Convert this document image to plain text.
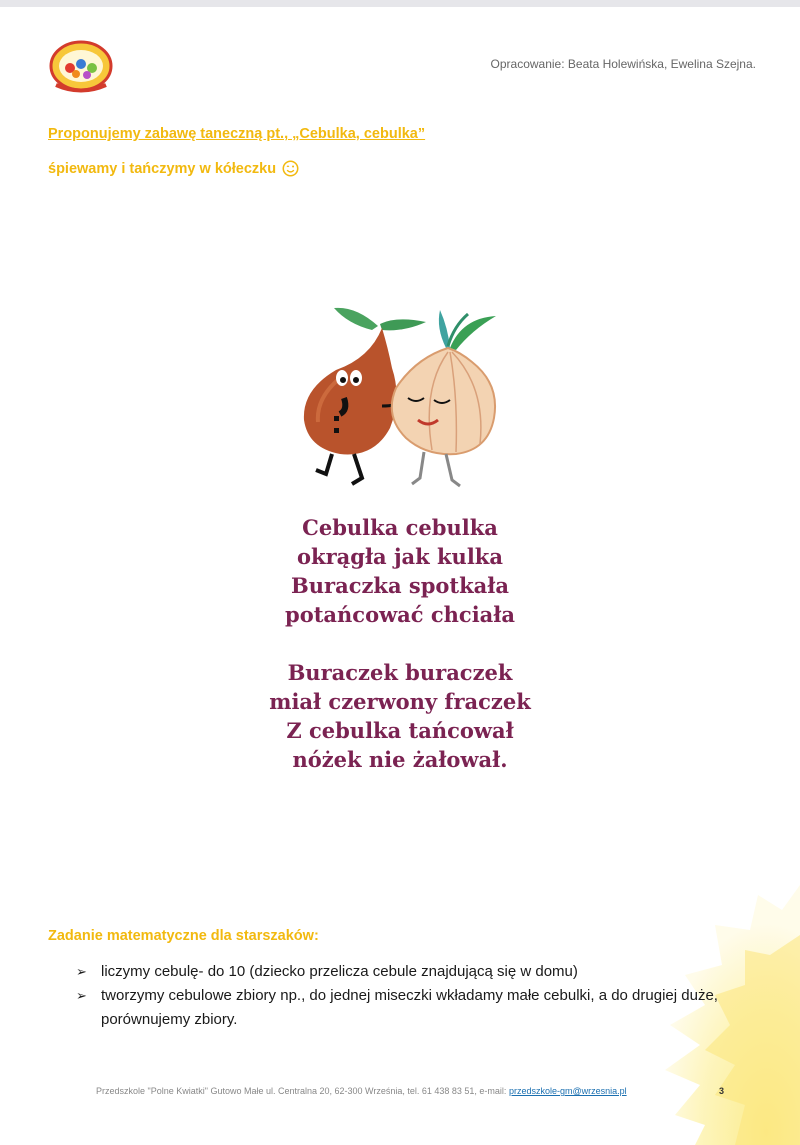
Opracowanie: Beata Holewińska, Ewelina Szejna.
Proponujemy zabawę taneczną pt., „Cebulka, cebulka”
śpiewamy i tańczymy w kółeczku
Cebulka cebulka
okrągła jak kulka
Buraczka spotkała
potańcować chciała
Buraczek buraczek
miał czerwony fraczek
Z cebulka tańcował
nóżek nie żałował.
Zadanie matematyczne dla starszaków:
➢ liczymy cebulę- do 10 (dziecko przelicza cebule znajdującą się w domu)
➢ tworzymy cebulowe zbiory np., do jednej miseczki wkładamy małe cebulki, a do drugiej duże, porównujemy zbiory.
Przedszkole "Polne Kwiatki" Gutowo Małe ul. Centralna 20, 62-300 Września, tel. 61 438 83 51, e-mail: przedszkole-gm@wrzesnia.pl	3
